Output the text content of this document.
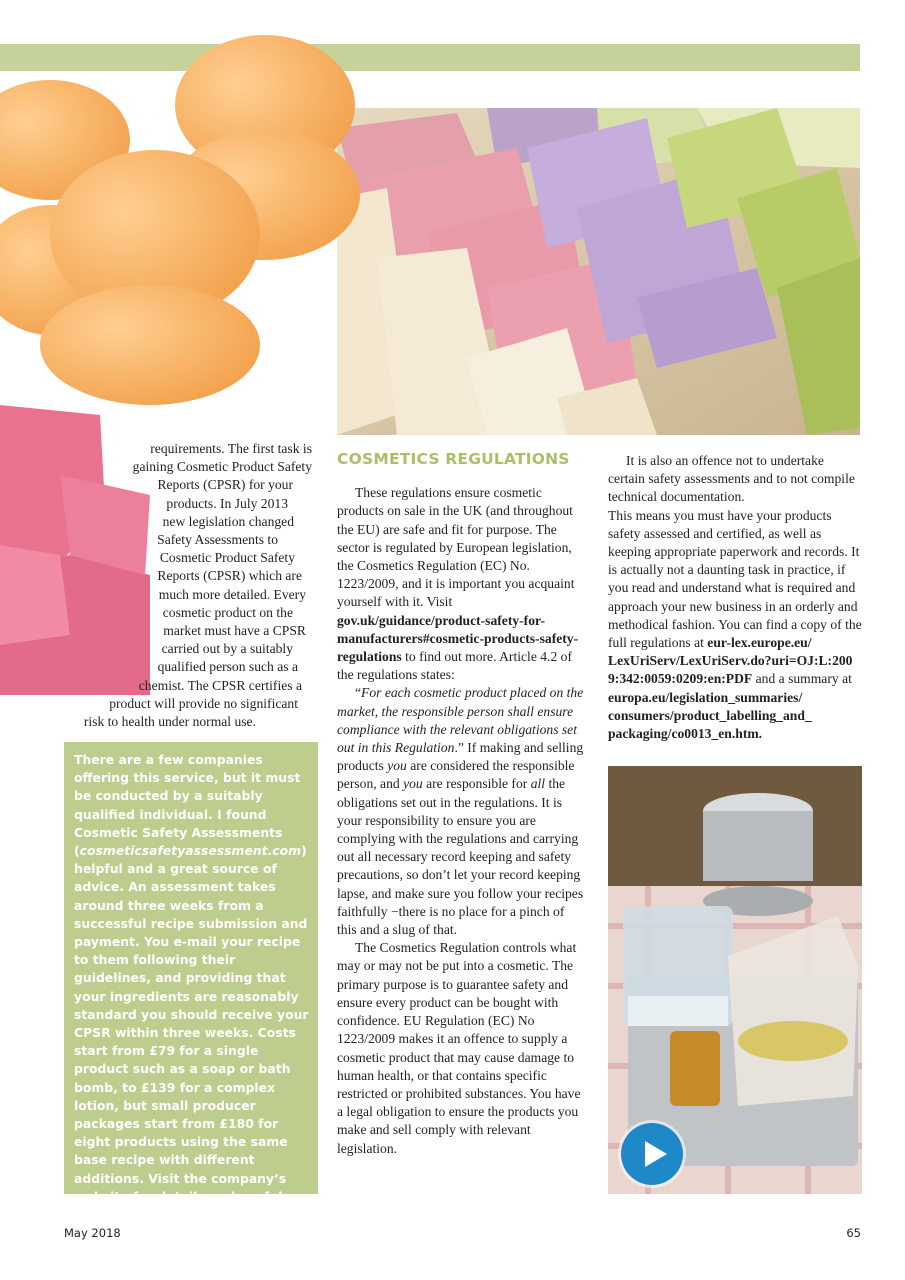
requirements. The first task is
gaining Cosmetic Product Safety
Reports (CPSR) for your
products. In July 2013
new legislation changed
Safety Assessments to
Cosmetic Product Safety
Reports (CPSR) which are
much more detailed. Every
cosmetic product on the
market must have a CPSR
carried out by a suitably
qualified person such as a
chemist. The CPSR certifies a
product will provide no significant
risk to health under normal use.

There are a few companies offering this service, but it must be conducted by a suitably qualified individual. I found Cosmetic Safety Assessments (cosmeticsafetyassessment.com) helpful and a great source of advice. An assessment takes around three weeks from a successful recipe submission and payment. You e-mail your recipe to them following their guidelines, and providing that your ingredients are reasonably standard you should receive your CPSR within three weeks. Costs start from £79 for a single product such as a soap or bath bomb, to £139 for a complex lotion, but small producer packages start from £180 for eight products using the same base recipe with different additions. Visit the company’s website for details and useful information on labeling.

COSMETICS REGULATIONS

These regulations ensure cosmetic products on sale in the UK (and throughout the EU) are safe and fit for purpose. The sector is regulated by European legislation, the Cosmetics Regulation (EC) No. 1223/2009, and it is important you acquaint yourself with it. Visit gov.uk/guidance/product-safety-for-manufacturers#cosmetic-products-safety-regulations to find out more. Article 4.2 of the regulations states:

“For each cosmetic product placed on the market, the responsible person shall ensure compliance with the relevant obligations set out in this Regulation.” If making and selling products you are considered the responsible person, and you are responsible for all the obligations set out in the regulations. It is your responsibility to ensure you are complying with the regulations and carrying out all necessary record keeping and safety precautions, so don’t let your record keeping lapse, and make sure you follow your recipes faithfully −there is no place for a pinch of this and a slug of that.

The Cosmetics Regulation controls what may or may not be put into a cosmetic. The primary purpose is to guarantee safety and ensure every product can be bought with confidence. EU Regulation (EC) No 1223/2009 makes it an offence to supply a cosmetic product that may cause damage to human health, or that contains specific restricted or prohibited substances. You have a legal obligation to ensure the products you make and sell comply with relevant legislation.

It is also an offence not to undertake certain safety assessments and to not compile technical documentation.

This means you must have your products safety assessed and certified, as well as keeping appropriate paperwork and records. It is actually not a daunting task in practice, if you read and understand what is required and approach your new business in an orderly and methodical fashion. You can find a copy of the full regulations at eur-lex.europe.eu/ LexUriServ/LexUriServ.do?uri=OJ:L:200 9:342:0059:0209:en:PDF and a summary at europa.eu/legislation_summaries/ consumers/product_labelling_and_ packaging/co0013_en.htm.

May 2018	65
